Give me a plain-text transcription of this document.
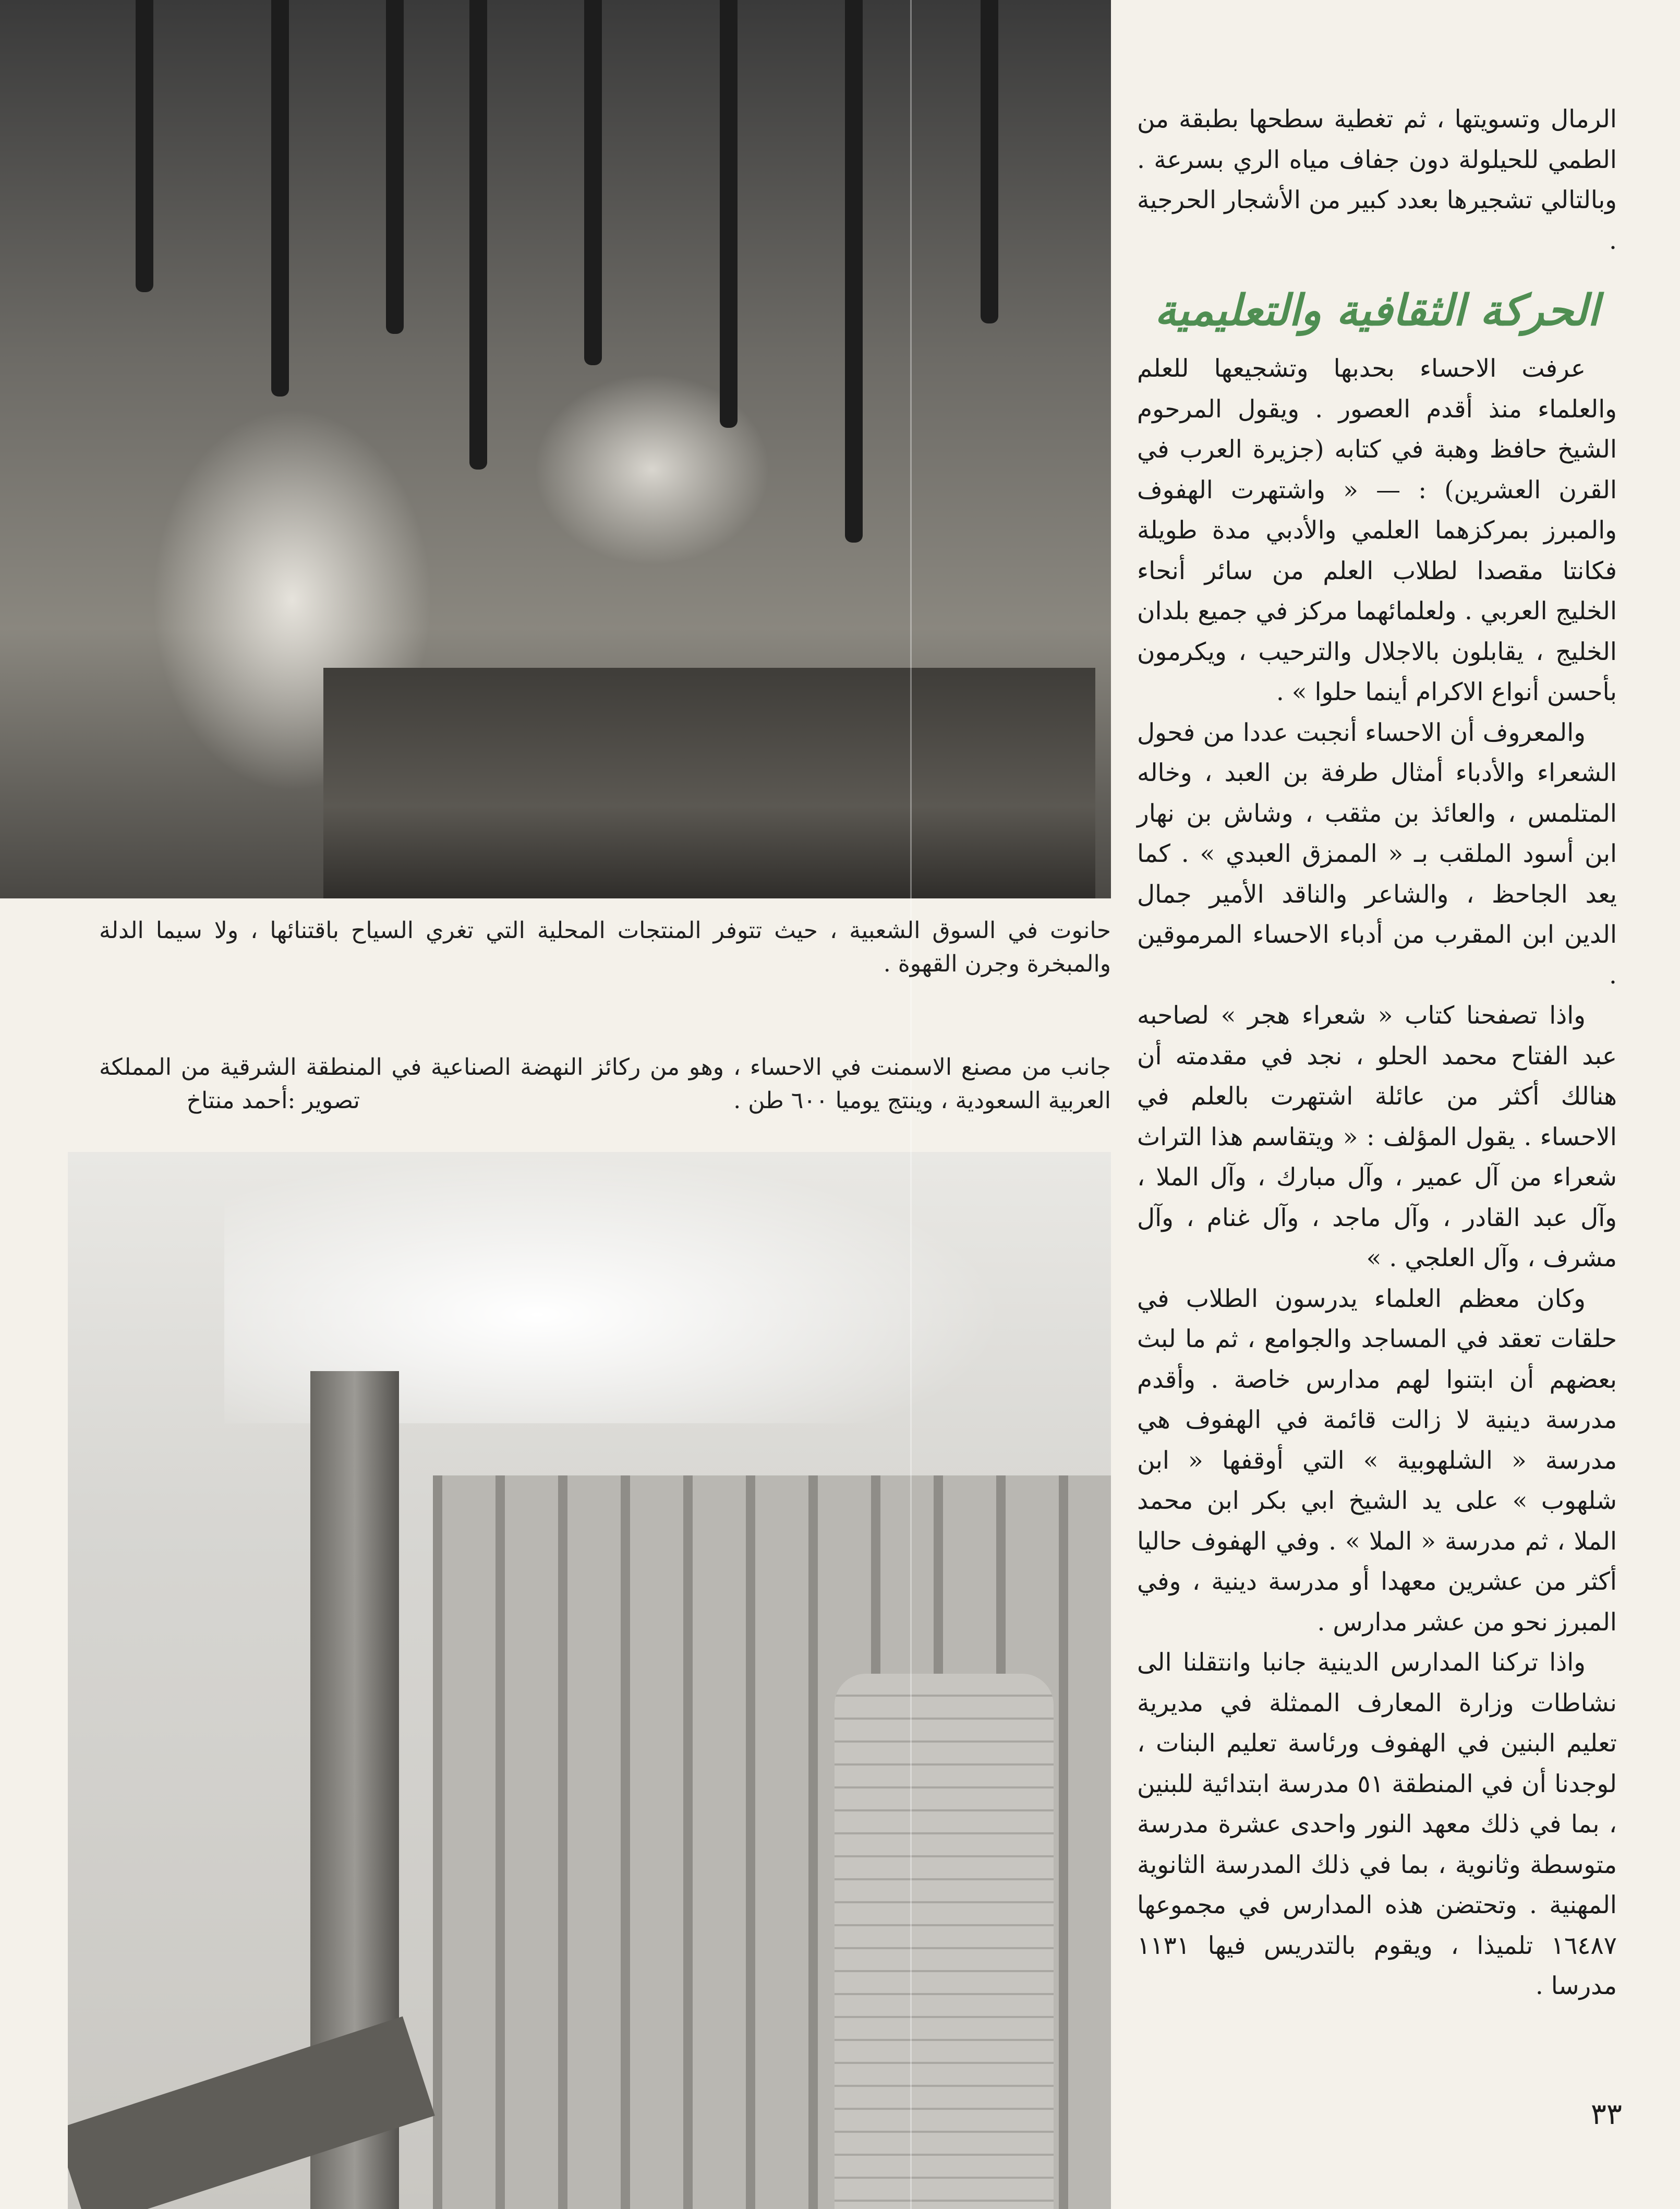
حانوت في السوق الشعبية ، حيث تتوفر المنتجات المحلية التي تغري السياح باقتنائها ، ولا سيما الدلة والمبخرة وجرن القهوة .
جانب من مصنع الاسمنت في الاحساء ، وهو من ركائز النهضة الصناعية في المنطقة الشرقية من المملكة العربية السعودية ، وينتج يوميا ٦٠٠ طن .
تصوير :أحمد منتاخ

الرمال وتسويتها ، ثم تغطية سطحها بطبقة من الطمي للحيلولة دون جفاف مياه الري بسرعة . وبالتالي تشجيرها بعدد كبير من الأشجار الحرجية .

الحركة الثقافية والتعليمية

عرفت الاحساء بحدبها وتشجيعها للعلم والعلماء منذ أقدم العصور . ويقول المرحوم الشيخ حافظ وهبة في كتابه (جزيرة العرب في القرن العشرين) : — « واشتهرت الهفوف والمبرز بمركزهما العلمي والأدبي مدة طويلة فكانتا مقصدا لطلاب العلم من سائر أنحاء الخليج العربي . ولعلمائهما مركز في جميع بلدان الخليج ، يقابلون بالاجلال والترحيب ، ويكرمون بأحسن أنواع الاكرام أينما حلوا » .

والمعروف أن الاحساء أنجبت عددا من فحول الشعراء والأدباء أمثال طرفة بن العبد ، وخاله المتلمس ، والعائذ بن مثقب ، وشاش بن نهار ابن أسود الملقب بـ « الممزق العبدي » . كما يعد الجاحظ ، والشاعر والناقد الأمير جمال الدين ابن المقرب من أدباء الاحساء المرموقين .

واذا تصفحنا كتاب « شعراء هجر » لصاحبه عبد الفتاح محمد الحلو ، نجد في مقدمته أن هنالك أكثر من عائلة اشتهرت بالعلم في الاحساء . يقول المؤلف : « ويتقاسم هذا التراث شعراء من آل عمير ، وآل مبارك ، وآل الملا ، وآل عبد القادر ، وآل ماجد ، وآل غنام ، وآل مشرف ، وآل العلجي . »

وكان معظم العلماء يدرسون الطلاب في حلقات تعقد في المساجد والجوامع ، ثم ما لبث بعضهم أن ابتنوا لهم مدارس خاصة . وأقدم مدرسة دينية لا زالت قائمة في الهفوف هي مدرسة « الشلهوبية » التي أوقفها « ابن شلهوب » على يد الشيخ ابي بكر ابن محمد الملا ، ثم مدرسة « الملا » . وفي الهفوف حاليا أكثر من عشرين معهدا أو مدرسة دينية ، وفي المبرز نحو من عشر مدارس .

واذا تركنا المدارس الدينية جانبا وانتقلنا الى نشاطات وزارة المعارف الممثلة في مديرية تعليم البنين في الهفوف ورئاسة تعليم البنات ، لوجدنا أن في المنطقة ٥١ مدرسة ابتدائية للبنين ، بما في ذلك معهد النور واحدى عشرة مدرسة متوسطة وثانوية ، بما في ذلك المدرسة الثانوية المهنية . وتحتضن هذه المدارس في مجموعها ١٦٤٨٧ تلميذا ، ويقوم بالتدريس فيها ١١٣١ مدرسا .

٣٣
